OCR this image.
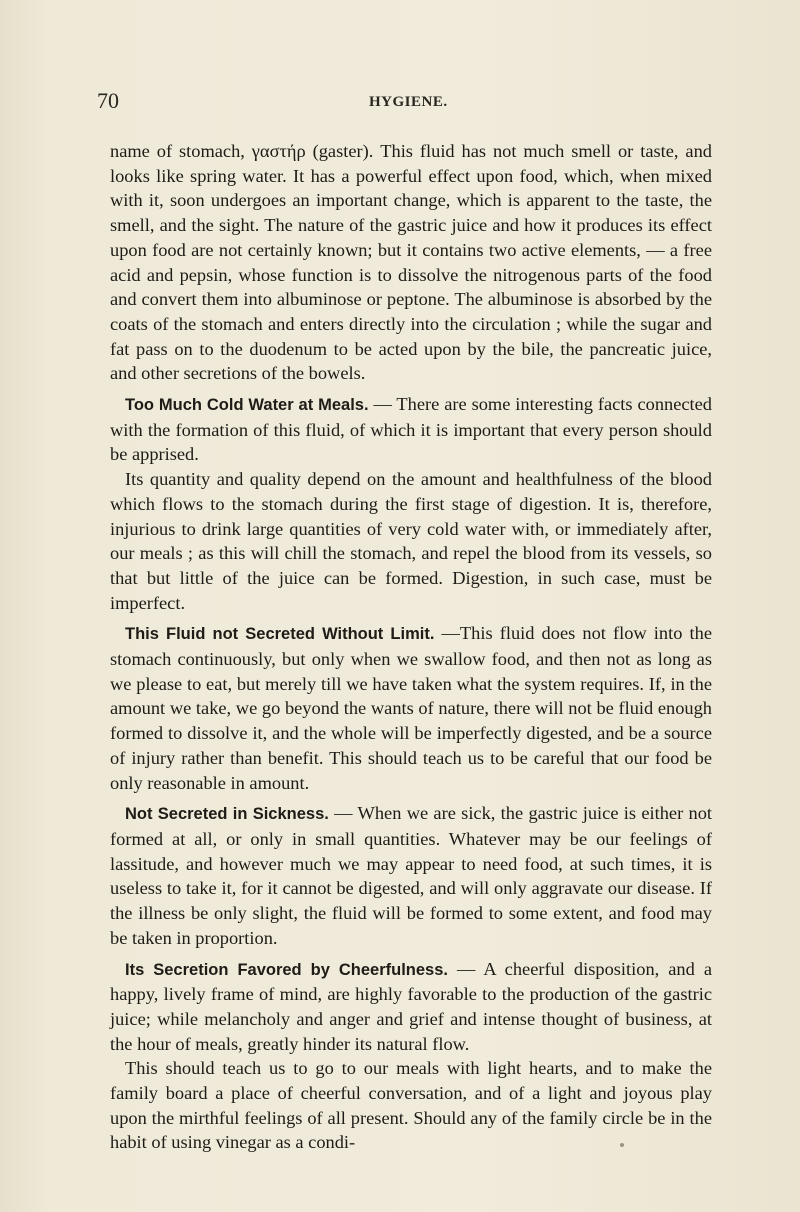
70	HYGIENE.

name of stomach, γαστήρ (gaster). This fluid has not much smell or taste, and looks like spring water. It has a powerful effect upon food, which, when mixed with it, soon undergoes an important change, which is apparent to the taste, the smell, and the sight. The nature of the gastric juice and how it produces its effect upon food are not certainly known; but it contains two active elements, — a free acid and pepsin, whose function is to dissolve the nitrogenous parts of the food and convert them into albuminose or peptone. The albuminose is absorbed by the coats of the stomach and enters directly into the circulation ; while the sugar and fat pass on to the duodenum to be acted upon by the bile, the pancreatic juice, and other secretions of the bowels.

Too Much Cold Water at Meals. — There are some interesting facts connected with the formation of this fluid, of which it is important that every person should be apprised.

Its quantity and quality depend on the amount and healthfulness of the blood which flows to the stomach during the first stage of digestion. It is, therefore, injurious to drink large quantities of very cold water with, or immediately after, our meals ; as this will chill the stomach, and repel the blood from its vessels, so that but little of the juice can be formed. Digestion, in such case, must be imperfect.

This Fluid not Secreted Without Limit. —This fluid does not flow into the stomach continuously, but only when we swallow food, and then not as long as we please to eat, but merely till we have taken what the system requires. If, in the amount we take, we go beyond the wants of nature, there will not be fluid enough formed to dissolve it, and the whole will be imperfectly digested, and be a source of injury rather than benefit. This should teach us to be careful that our food be only reasonable in amount.

Not Secreted in Sickness. — When we are sick, the gastric juice is either not formed at all, or only in small quantities. Whatever may be our feelings of lassitude, and however much we may appear to need food, at such times, it is useless to take it, for it cannot be digested, and will only aggravate our disease. If the illness be only slight, the fluid will be formed to some extent, and food may be taken in proportion.

Its Secretion Favored by Cheerfulness. — A cheerful disposition, and a happy, lively frame of mind, are highly favorable to the production of the gastric juice; while melancholy and anger and grief and intense thought of business, at the hour of meals, greatly hinder its natural flow.

This should teach us to go to our meals with light hearts, and to make the family board a place of cheerful conversation, and of a light and joyous play upon the mirthful feelings of all present. Should any of the family circle be in the habit of using vinegar as a condi-
